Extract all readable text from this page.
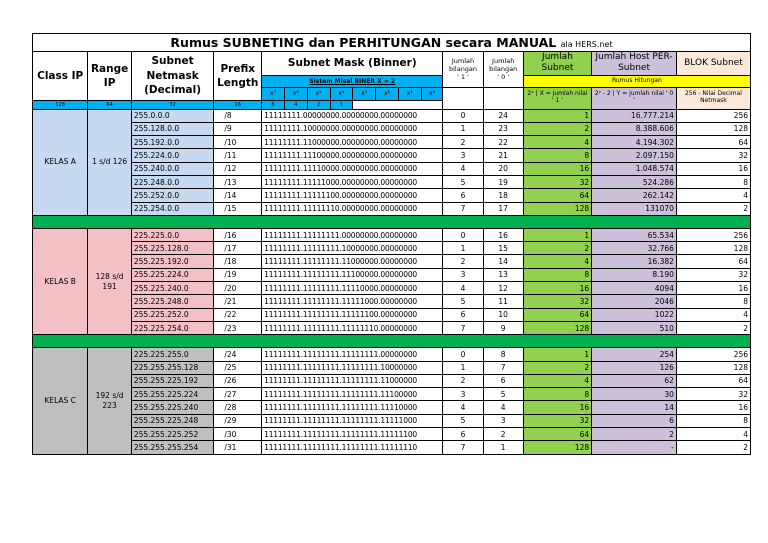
Rumus SUBNETING dan PERHITUNGAN secara MANUAL ala HERS.net																
Class IP	Range IP	Subnet Netmask (Decimal)	Prefix Length	Subnet Mask (Binner)								Jumlah bilangan
' 1 '	Jumlah bilangan
' 0 '	Jumlah Subnet	Jumlah Host PER-Subnet	BLOK Subnet
				Sistem Misal BINER X = 2										Rumus Hitungan		
				x⁷	x⁶	x⁵	x⁴	x³	x²	x¹	x⁰			2ˣ | X = jumlah nilai ' 1 '	2ʸ - 2 | Y = jumlah nilai ' 0 '	256 - Nilai Decimal Netmask
128	64	32	16	8	4	2	1									
KELAS A	1 s/d 126	255.0.0.0	/8	11111111.00000000.00000000.00000000								0	24	1	16.777.214	256
		255.128.0.0	/9	11111111.10000000.00000000.00000000								1	23	2	8.388.606	128
		255.192.0.0	/10	11111111.11000000.00000000.00000000								2	22	4	4.194.302	64
		255.224.0.0	/11	11111111.11100000.00000000.00000000								3	21	8	2.097.150	32
		255.240.0.0	/12	11111111.11110000.00000000.00000000								4	20	16	1.048.574	16
		225.248.0.0	/13	11111111.11111000.00000000.00000000								5	19	32	524.286	8
		255.252.0.0	/14	11111111.11111100.00000000.00000000								6	18	64	262.142	4
		225.254.0.0	/15	11111111.11111110.00000000.00000000								7	17	128	131070	2

KELAS B	128 s/d 191	225.225.0.0	/16	11111111.11111111.00000000.00000000								0	16	1	65.534	256
		255.225.128.0	/17	11111111.11111111.10000000.00000000								1	15	2	32.766	128
		255.225.192.0	/18	11111111.11111111.11000000.00000000								2	14	4	16.382	64
		255.225.224.0	/19	11111111.11111111.11100000.00000000								3	13	8	8.190	32
		255.225.240.0	/20	11111111.11111111.11110000.00000000								4	12	16	4094	16
		255.225.248.0	/21	11111111.11111111.11111000.00000000								5	11	32	2046	8
		255.225.252.0	/22	11111111.11111111.11111100.00000000								6	10	64	1022	4
		225.225.254.0	/23	11111111.11111111.11111110.00000000								7	9	128	510	2

KELAS C	192 s/d 223	225.225.255.0	/24	11111111.11111111.11111111.00000000								0	8	1	254	256
		225.255.255.128	/25	11111111.11111111.11111111.10000000								1	7	2	126	128
		255.255.225.192	/26	11111111.11111111.11111111.11000000								2	6	4	62	64
		255.255.225.224	/27	11111111.11111111.11111111.11100000								3	5	8	30	32
		255.255.225.240	/28	11111111.11111111.11111111.11110000								4	4	16	14	16
		255.255.225.248	/29	11111111.11111111.11111111.11111000								5	3	32	6	8
		255.255.225.252	/30	11111111.11111111.11111111.11111100								6	2	64	2	4
		255.255.255.254	/31	11111111.11111111.11111111.11111110								7	1	128	-	2
